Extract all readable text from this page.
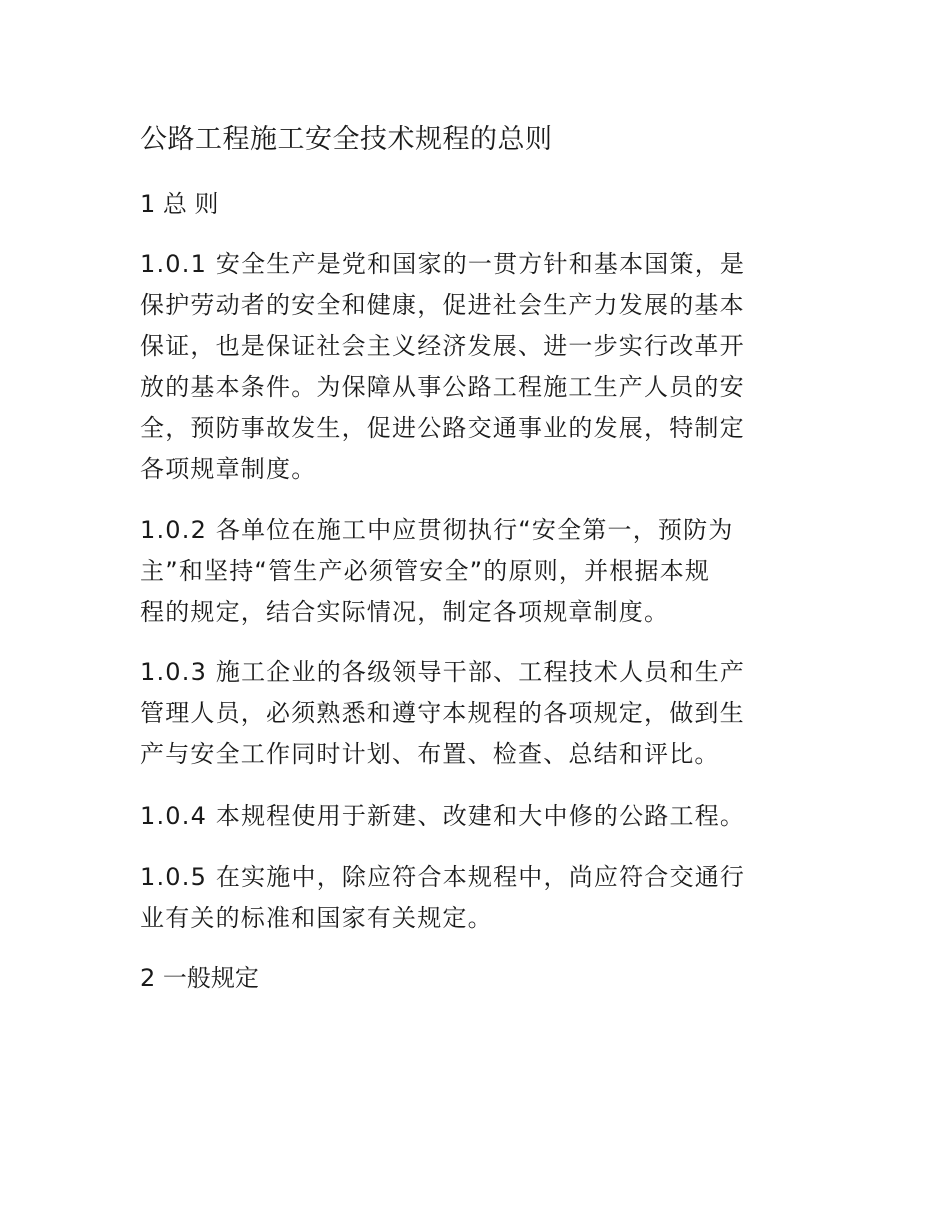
公路工程施工安全技术规程的总则
1 总 则

1.0.1 安全生产是党和国家的一贯方针和基本国策，是
保护劳动者的安全和健康，促进社会生产力发展的基本
保证，也是保证社会主义经济发展、进一步实行改革开
放的基本条件。为保障从事公路工程施工生产人员的安
全，预防事故发生，促进公路交通事业的发展，特制定
各项规章制度。

1.0.2 各单位在施工中应贯彻执行“安全第一，预防为
主”和坚持“管生产必须管安全”的原则，并根据本规
程的规定，结合实际情况，制定各项规章制度。

1.0.3 施工企业的各级领导干部、工程技术人员和生产
管理人员，必须熟悉和遵守本规程的各项规定，做到生
产与安全工作同时计划、布置、检查、总结和评比。

1.0.4 本规程使用于新建、改建和大中修的公路工程。

1.0.5 在实施中，除应符合本规程中，尚应符合交通行
业有关的标准和国家有关规定。

2 一般规定
